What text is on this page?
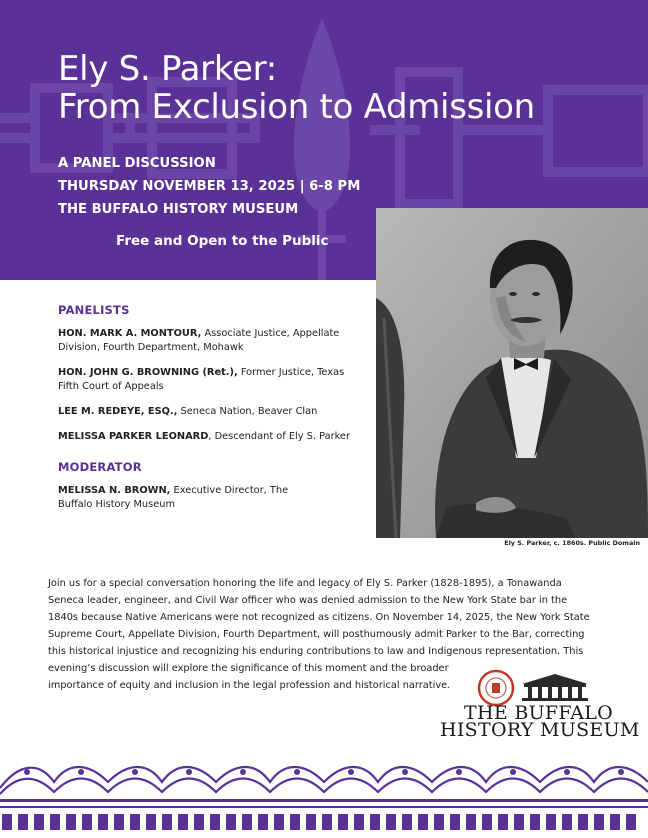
Ely S. Parker:
From Exclusion to Admission
A PANEL DISCUSSION
THURSDAY NOVEMBER 13, 2025 | 6-8 PM
THE BUFFALO HISTORY MUSEUM
Free and Open to the Public
Ely S. Parker, c. 1860s. Public Domain
PANELISTS
HON. MARK A. MONTOUR, Associate Justice, Appellate
Division, Fourth Department, Mohawk
HON. JOHN G. BROWNING (Ret.), Former Justice, Texas
Fifth Court of Appeals
LEE M. REDEYE, ESQ., Seneca Nation, Beaver Clan
MELISSA PARKER LEONARD, Descendant of Ely S. Parker
MODERATOR
MELISSA N. BROWN, Executive Director, The
Buffalo History Museum
Join us for a special conversation honoring the life and legacy of Ely S. Parker (1828-1895), a Tonawanda
Seneca leader, engineer, and Civil War officer who was denied admission to the New York State bar in the
1840s because Native Americans were not recognized as citizens. On November 14, 2025, the New York State
Supreme Court, Appellate Division, Fourth Department, will posthumously admit Parker to the Bar, correcting
this historical injustice and recognizing his enduring contributions to law and Indigenous representation. This
evening’s discussion will explore the significance of this moment and the broader
importance of equity and inclusion in the legal profession and historical narrative.
THE BUFFALO
HISTORY MUSEUM
